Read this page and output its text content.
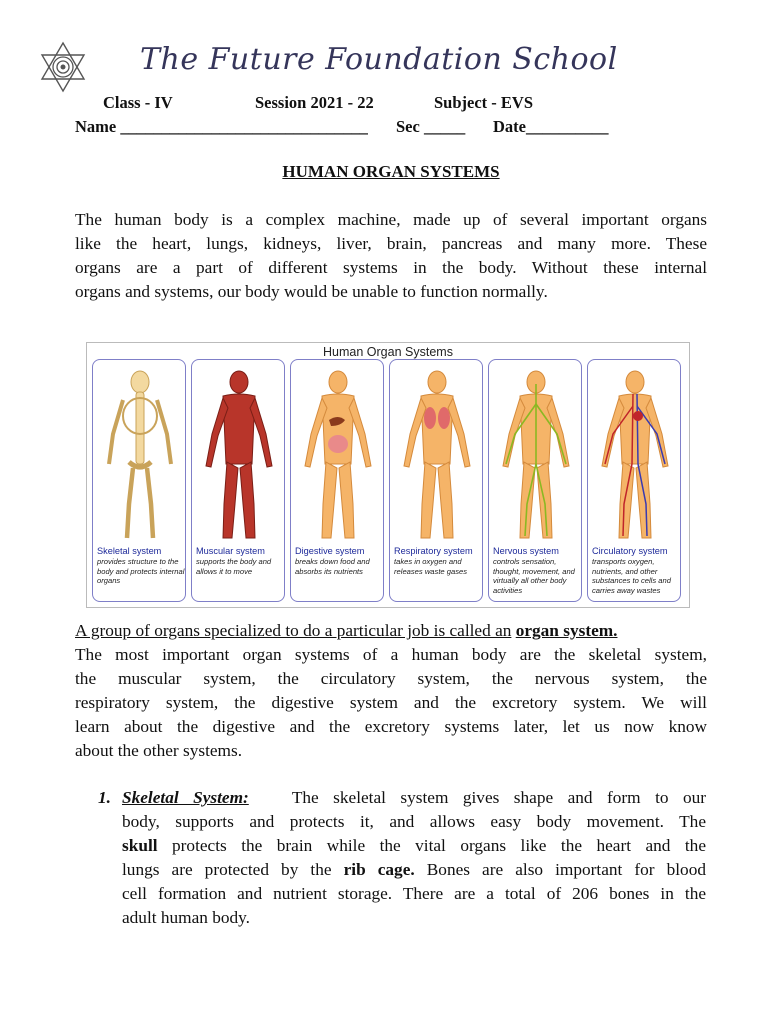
The Future Foundation School
Class - IV	Session 2021 - 22	Subject - EVS
Name ______________________________ Sec _____ Date__________
HUMAN ORGAN SYSTEMS
The human body is a complex machine, made up of several important organs
like the heart, lungs, kidneys, liver, brain, pancreas and many more. These
organs are a part of different systems in the body. Without these internal
organs and systems, our body would be unable to function normally.
Human Organ Systems
Skeletal system
provides structure to the body and protects internal organs
Muscular system
supports the body and allows it to move
Digestive system
breaks down food and absorbs its nutrients
Respiratory system
takes in oxygen and releases waste gases
Nervous system
controls sensation, thought, movement, and virtually all other body activities
Circulatory system
transports oxygen, nutrients, and other substances to cells and carries away wastes
A group of organs specialized to do a particular job is called an organ system.
The most important organ systems of a human body are the skeletal system,
the muscular system, the circulatory system, the nervous system, the
respiratory system, the digestive system and the excretory system. We will
learn about the digestive and the excretory systems later, let us now know
about the other systems.
1. Skeletal System: The skeletal system gives shape and form to our
body, supports and protects it, and allows easy body movement. The
skull protects the brain while the vital organs like the heart and the
lungs are protected by the rib cage. Bones are also important for blood
cell formation and nutrient storage. There are a total of 206 bones in the
adult human body.
